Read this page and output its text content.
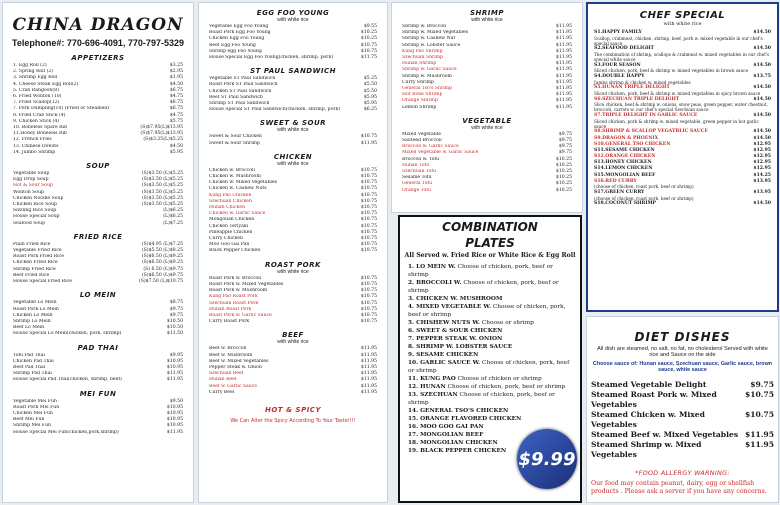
CHINA DRAGON
Telephone#: 770-696-4091, 770-797-5329
APPETIZERS
1. Egg Roll (2)	$3.25
2. Spring Roll (2)	$2.95
3. Shrimp Egg Roll	$1.95
4. Cheese Steak Egg Roll(2)	$4.50
5. Crab Rangoon(8)	$6.75
6. Fried Wonton (10)	$4.75
7. Fried Scallop(12)	$6.75
7. Pork Dumpling(10) (Fried or Steamed)	$6.75
8. Fried Crab Stick (4)	$4.75
9. Chicken Stick (4)	$5.75
10. Boneless Spare Rib	(S)$7.95(L)$13.95
11.Honey Boneless Rib	(S)$7.95(L)$13.95
12. French Fries	(S)$3.25(L)$5.25
13. Chinese Donuts	$4.50
14. Jumbo Shrimp	$5.95
SOUP
Vegetable Soup	(S)$3.50 (L)$5.25
Egg Drop Soup	(S)$3.50 (L)$5.25
Hot & Sour Soup	(S)$3.50 (L)$5.25
Wonton Soup	(S)$3.50 (L)$5.25
Chicken Noodle Soup	(S)$3.50 (L)$5.25
Chicken Rice Soup	(S)$3.50 (L)$5.25
Sizzling Rice Soup	(L)$6.25
House Special Soup	(L)$6.25
Seafood Soup	(L)$7.25
FRIED RICE
Plain Fried Rice	(S)$4.95 (L)$7.25
Vegetable Fried Rice	(S)$5.50 (L)$8.25
Roast Pork Fried Rice	(S)$6.50 (L)$9.25
Chicken Fried Rice	(S)$6.50 (L)$9.25
Shrimp Fried Rice	(S) 6.50 (L)$9.75
Beef Fried Rice	(S)$6.50 (L)$9.75
House Special Fried Rice	(S)$7.50 (L)$10.75
LO MEIN
Vegetable Lo Mein	$8.75
Roast Pork Lo Mein	$9.75
Chicken Lo Mein	$9.75
Shrimp Lo Mein	$10.50
Beef Lo Mein	$10.50
House Special Lo Mein(chicken, pork, shrimp)	$11.50
PAD THAI
Tofu Pad Thai	$9.95
Chicken Pad Thai	$10.95
Beef Pad Thai	$10.95
Shrimp Pad Thai	$11.95
House Special Pad Thai(chicken, shrimp, beef)	$11.95
MEI FUN
Vegetable Mei Fun	$9.50
Roast Pork Mei Fun	$10.95
Chicken Mei Fun	$10.95
Beef Mei Fun	$10.95
Shrimp Mei Fun	$10.95
House Special Mei Fun(chicken,pork,shrimp)	$11.95
EGG FOO YOUNG
with white rice
Vegetable Egg Foo Young	$9.55
Roast Pork Egg Foo Young	$10.25
Chicken Egg Foo Young	$10.25
Beef Egg Foo Young	$10.75
Shrimp egg Foo Young	$10.75
House Special Egg Foo Young(chicken, shrimp, pork)	$11.75
ST PAUL SANDWICH
Vegetable ST Paul Sandwich	$5.25
Roast Pork ST Paul Sandwich	$5.50
Chicken ST Paul Sandwich	$5.50
Beef ST Paul Sandwich	$5.95
Shrimp ST Paul Sandwich	$5.95
House Special ST Paul Sandwich(chicken, shrimp, pork)	$6.25
SWEET & SOUR
with white rice
Sweet & Sour Chicken	$10.75
Sweet & Sour Shrimp	$11.95
CHICKEN
with white rice
Chicken w. Broccoli	$10.75
Chicken w. Mushroom	$10.75
Chicken w. Mixed Vegetables	$10.75
Chicken w. Cashew Nuts	$10.75
Kung Pao Chicken	$10.75
Szechuan Chicken	$10.75
Hunan Chicken	$10.75
Chicken w. Garlic Sauce	$10.75
Mongolian Chicken	$10.75
Chicken Teriyaki	$10.75
Pineapple Chicken	$10.75
Curry Chicken	$10.75
Moo Goo Gai Pan	$10.75
Black Pepper Chicken	$10.75
ROAST PORK
with white rice
Roast Pork w. Broccoli	$10.75
Roast Pork w. Mixed Vegetables	$10.75
Roast Pork w. Mushroom	$10.75
Kung Pao Roast Pork	$10.75
Szechuan Roast Pork	$10.75
Hunan Roast Pork	$10.75
Roast Pork w. Garlic Sauce	$10.75
Curry Roast Pork	$10.75
BEEF
with white rice
Beef w. Broccoli	$11.95
Beef w. Mushroom	$11.95
Beef w. Mixed Vegetables	$11.95
Pepper Steak w. Onion	$11.95
Szechuan Beef	$11.95
Hunan Beef	$11.95
Beef w. Garlic Sauce	$11.95
Curry Beef	$11.95
HOT & SPICY
We Can Alter the Spicy According To Your Taste!!!!
SHRIMP
with white rice
Shrimp w. Broccoli	$11.95
Shrimp w. Mixed Vegetables	$11.95
Shrimp w. Cashew Nut	$11.95
Shrimp w. Lobster Sauce	$11.95
Kung Pao Shrimp	$11.95
Szechuan Shrimp	$11.95
Hunan Shrimp	$11.95
Shrimp w. Garlic Sauce	$11.95
Shrimp w. Mushroom	$11.95
Curry Shrimp	$11.95
General Tso's Shrimp	$11.95
Hot Bone Shrimp	$11.95
Orange Shrimp	$11.95
Lemon Shrimp	$11.95
VEGETABLE
with white rice
Mixed Vegetable	$9.75
Sauteed Broccoli	$9.75
Broccoli w. Garlic Sauce	$9.75
Mixed Vegetable w. Garlic Sauce	$9.75
Broccoli w. Tofu	$10.25
Hunan Tofu	$10.25
Szechuan Tofu	$10.25
Sesame Tofu	$10.25
General Tofu	$10.25
Orange Tofu	$10.25
COMBINATION
PLATES
All Served w. Fried Rice or White Rice & Egg Roll
1. LO MEIN W. Choose of chicken, pork, beef or shrimp
2. BROCCOLI W. Choose of chicken, pork, beef or shrimp
3. CHICKEN W. MUSHROOM
4. MIXED VEGETABLE W. Choose of chicken, pork, beef or shrimp
5. CHISHEW NUTS W. Choose or shrimp
6. SWEET & SOUR CHICKEN
7. PEPPER STEAK W. ONION
8. SHRIMP W. LOBSTER SAUCE
9. SESAME CHICKEN
10. GARLIC SAUCE W. Choose of chicken, pork, beef or shrimp
11. KUNG PAO Choose of chicken or shrimp
12. HUNAN Choose of chicken, pork, beef or shrimp
13. SZECHUAN Choose of chicken, pork, beef or shrimp
14. GENERAL TSO'S CHICKEN
15. ORANGE FLAVORED CHICKEN
16. MOO GOO GAI PAN
17. MONGOLIAN BEEF
18. MONGOLIAN CHICKEN
19. BLACK PEPPER CHICKEN $9.99
CHEF SPECIAL
with white rice
S1.HAPPY FAMILY	$14.50
Scallop, crabmeat, chicken, shrimp, beef, pork w. mixed vegetable in our chef's special sauce
S2.SEAFOOD DELIGHT	$14.50
The combination of shrimp, scallops & crabmeat w. mixed vegetables in our chef's special white sauce
S3.FOUR SEASON	$14.50
Sliced chicken, pork, beef & shrimp w. mixed vegetables in brown sauce
S4.DOUBLE HAPPY	$13.75
Jumbo shrimp & chicken w. mixed vegetables
S5.HUNAN TRIPLE DELIGHT	$14.50
Sliced chicken, pork, beef & shrimp w. mixed vegetables in spicy brown sauce
S6.SZECHUAN TRIPLE DELIGHT	$14.50
Slice chicken, beef & shrimp w. onions, snow peas, green pepper, water chestnut, broccoli, carrots w. our chef's special Szechuan sauce
S7.TRIPLE DELIGHT IN GARLIC SAUCE	$14.50
Sliced chicken, pork & shrimp w. mixed vegetable, green pepper in hot garlic sauce
S8.SHRIMP & SCALLOP VEGATBLIC SAUCE	$14.50
S9.DRAGON & PHOENIX	$14.50
S10.GENERAL TSO CHICKEN	$12.95
S11.SESAME CHICKEN	$12.95
S12.ORANGE CHICKEN	$12.95
S13.HONEY CHICKEN	$12.95
S14.LEMON CHICKEN	$12.95
S15.MONGOLIAN BEEF	$14.25
S16.RED CURRY	$13.95
(choose of chicken, roast pork, beef or shrimp)
S17.GREEN CURRY	$13.95
(choose of chicken, roast pork, beef or shrimp)
S18.COCONUT SHRIMP	$14.50
DIET DISHES
All dish are steamed, no salt, no fat, no cholesterol Served with white rice and Sauce on the side
Choose sauce of: Hunan sauce, Szechuan sauce, Garlic sauce, brown sauce, white sauce
Steamed Vegetable Delight	$9.75
Steamed Roast Pork w. Mixed Vegetables
$10.75
Steamed Chicken w. Mixed Vegetables
$10.75
Steamed Beef w. Mixed Vegetables $11.95
Steamed Shrimp w. Mixed Vegetables
$11.95
*FOOD ALLERGY WARNING:
Our food may contain peanut, dairy, egg or shellfish products . Please ask a server if you have any concerns.
